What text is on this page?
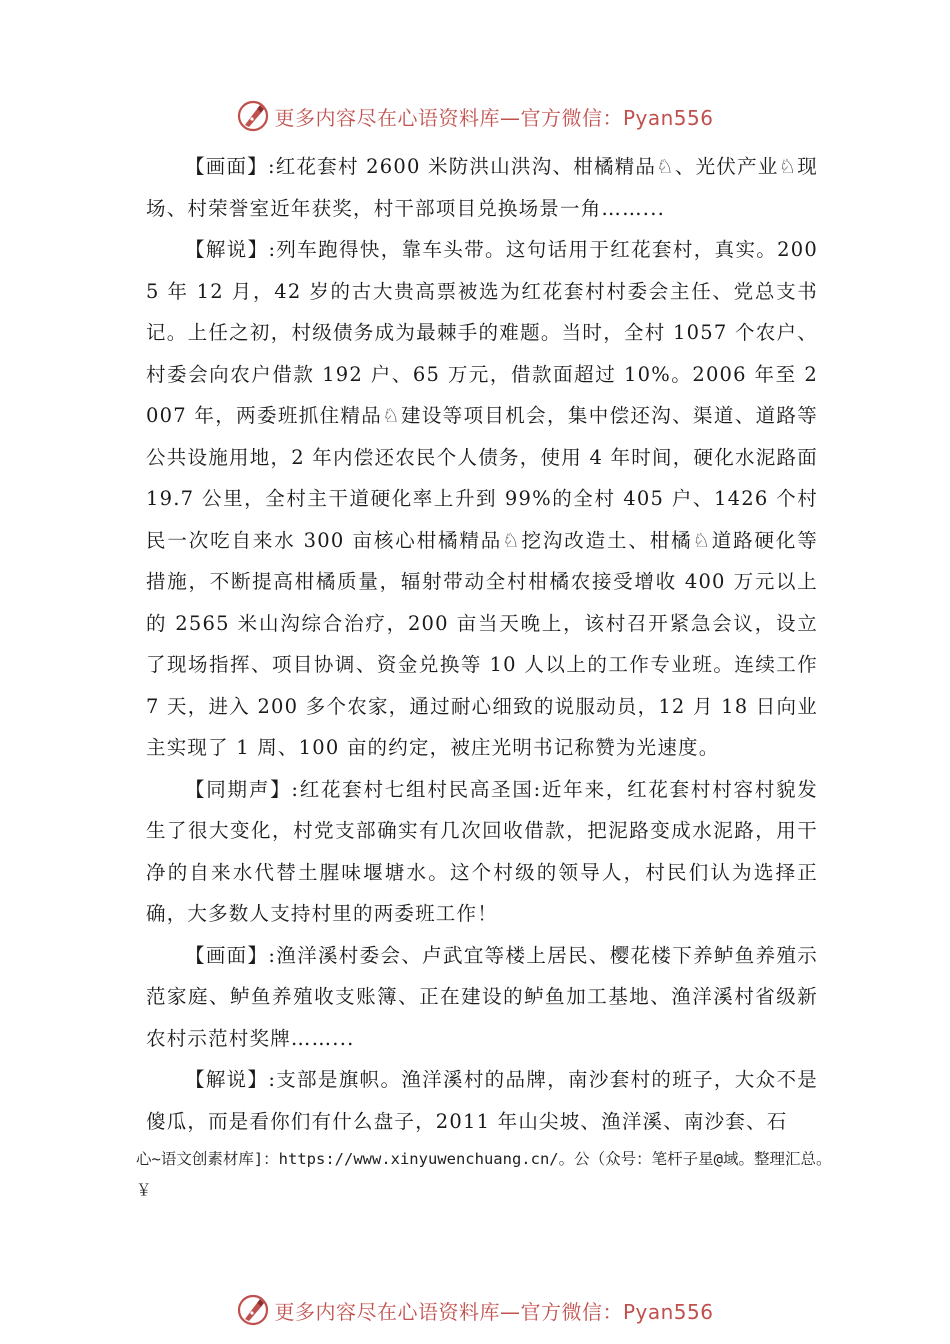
更多内容尽在心语资料库—官方微信：Pyan556

【画面】:红花套村 2600 米防洪山洪沟、柑橘精品♘、光伏产业♘现场、村荣誉室近年获奖，村干部项目兑换场景一角……...

【解说】:列车跑得快，靠车头带。这句话用于红花套村，真实。2005 年 12 月，42 岁的古大贵高票被选为红花套村村委会主任、党总支书记。上任之初，村级债务成为最棘手的难题。当时，全村 1057 个农户、村委会向农户借款 192 户、65 万元，借款面超过 10%。2006 年至 2007 年，两委班抓住精品♘建设等项目机会，集中偿还沟、渠道、道路等公共设施用地，2 年内偿还农民个人债务，使用 4 年时间，硬化水泥路面 19.7 公里，全村主干道硬化率上升到 99%的全村 405 户、1426 个村民一次吃自来水 300 亩核心柑橘精品♘挖沟改造土、柑橘♘道路硬化等措施，不断提高柑橘质量，辐射带动全村柑橘农接受增收 400 万元以上的 2565 米山沟综合治疗，200 亩当天晚上，该村召开紧急会议，设立了现场指挥、项目协调、资金兑换等 10 人以上的工作专业班。连续工作 7 天，进入 200 多个农家，通过耐心细致的说服动员，12 月 18 日向业主实现了 1 周、100 亩的约定，被庄光明书记称赞为光速度。

【同期声】:红花套村七组村民高圣国:近年来，红花套村村容村貌发生了很大变化，村党支部确实有几次回收借款，把泥路变成水泥路，用干净的自来水代替土腥味堰塘水。这个村级的领导人，村民们认为选择正确，大多数人支持村里的两委班工作！

【画面】:渔洋溪村委会、卢武宜等楼上居民、樱花楼下养鲈鱼养殖示范家庭、鲈鱼养殖收支账簿、正在建设的鲈鱼加工基地、渔洋溪村省级新农村示范村奖牌……...

【解说】:支部是旗帜。渔洋溪村的品牌，南沙套村的班子，大众不是傻瓜，而是看你们有什么盘子，2011 年山尖坡、渔洋溪、南沙套、石

心~语文创素材库]：https://www.xinyuwenchuang.cn/。公（众号：笔杆子星@域。整理汇总。￥
更多内容尽在心语资料库—官方微信：Pyan556
